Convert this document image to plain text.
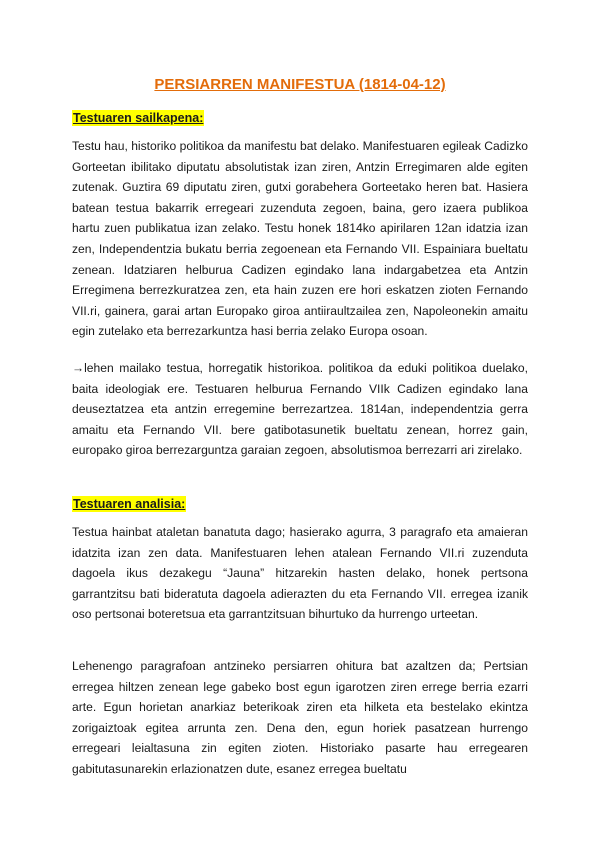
PERSIARREN MANIFESTUA (1814-04-12)
Testuaren sailkapena:

Testu hau, historiko politikoa da manifestu bat delako. Manifestuaren egileak Cadizko Gorteetan ibilitako diputatu absolutistak izan ziren, Antzin Erregimaren alde egiten zutenak. Guztira 69 diputatu ziren, gutxi gorabehera Gorteetako heren bat. Hasiera batean testua bakarrik erregeari zuzenduta zegoen, baina, gero izaera publikoa hartu zuen publikatua izan zelako. Testu honek 1814ko apirilaren 12an idatzia izan zen, Independentzia bukatu berria zegoenean eta Fernando VII. Espainiara bueltatu zenean. Idatziaren helburua Cadizen egindako lana indargabetzea eta Antzin Erregimena berrezkuratzea zen, eta hain zuzen ere hori eskatzen zioten Fernando VII.ri, gainera, garai artan Europako giroa antiiraultzailea zen, Napoleonekin amaitu egin zutelako eta berrezarkuntza hasi berria zelako Europa osoan.

→lehen mailako testua, horregatik historikoa. politikoa da eduki politikoa duelako, baita ideologiak ere. Testuaren helburua Fernando VIIk Cadizen egindako lana deuseztatzea eta antzin erregemine berrezartzea. 1814an, independentzia gerra amaitu eta Fernando VII. bere gatibotasunetik bueltatu zenean, horrez gain, europako giroa berrezarguntza garaian zegoen, absolutismoa berrezarri ari zirelako.

Testuaren analisia:

Testua hainbat ataletan banatuta dago; hasierako agurra, 3 paragrafo eta amaieran idatzita izan zen data. Manifestuaren lehen atalean Fernando VII.ri zuzenduta dagoela ikus dezakegu “Jauna” hitzarekin hasten delako, honek pertsona garrantzitsu bati bideratuta dagoela adierazten du eta Fernando VII. erregea izanik oso pertsonai boteretsua eta garrantzitsuan bihurtuko da hurrengo urteetan.

Lehenengo paragrafoan antzineko persiarren ohitura bat azaltzen da; Pertsian erregea hiltzen zenean lege gabeko bost egun igarotzen ziren errege berria ezarri arte. Egun horietan anarkiaz beterikoak ziren eta hilketa eta bestelako ekintza zorigaiztoak egitea arrunta zen. Dena den, egun horiek pasatzean hurrengo erregeari leialtasuna zin egiten zioten. Historiako pasarte hau erregearen gabitutasunarekin erlazionatzen dute, esanez erregea bueltatu
